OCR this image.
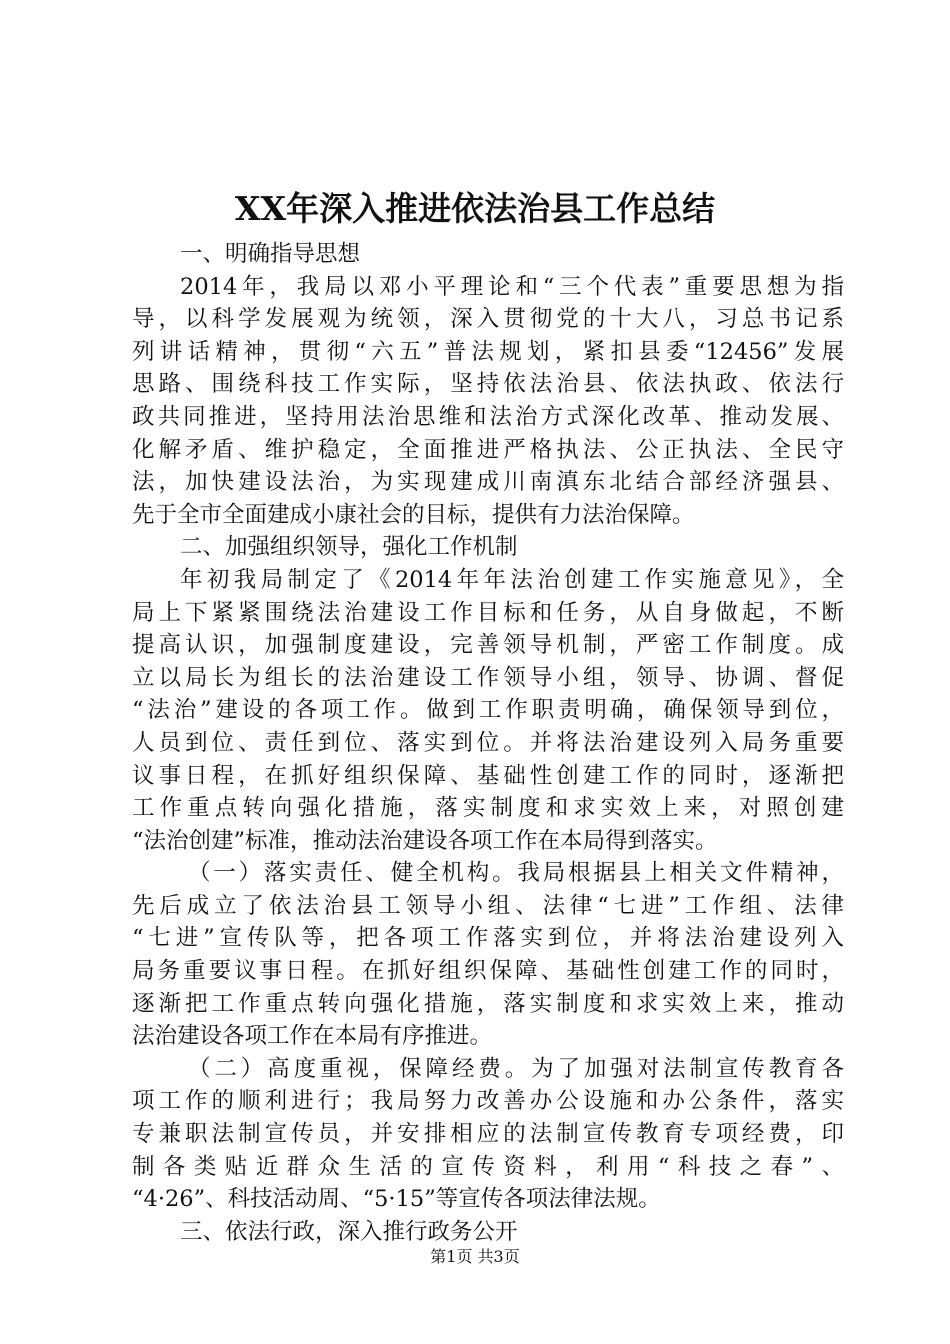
XX年深入推进依法治县工作总结
一、明确指导思想
2014年，我局以邓小平理论和“三个代表”重要思想为指
导，以科学发展观为统领，深入贯彻党的十大八，习总书记系
列讲话精神，贯彻“六五”普法规划，紧扣县委“12456”发展
思路、围绕科技工作实际，坚持依法治县、依法执政、依法行
政共同推进，坚持用法治思维和法治方式深化改革、推动发展、
化解矛盾、维护稳定，全面推进严格执法、公正执法、全民守
法，加快建设法治，为实现建成川南滇东北结合部经济强县、
先于全市全面建成小康社会的目标，提供有力法治保障。
二、加强组织领导，强化工作机制
年初我局制定了《2014年年法治创建工作实施意见》，全
局上下紧紧围绕法治建设工作目标和任务，从自身做起，不断
提高认识，加强制度建设，完善领导机制，严密工作制度。成
立以局长为组长的法治建设工作领导小组，领导、协调、督促
“法治”建设的各项工作。做到工作职责明确，确保领导到位，
人员到位、责任到位、落实到位。并将法治建设列入局务重要
议事日程，在抓好组织保障、基础性创建工作的同时，逐渐把
工作重点转向强化措施，落实制度和求实效上来，对照创建
“法治创建”标准，推动法治建设各项工作在本局得到落实。
（一）落实责任、健全机构。我局根据县上相关文件精神，
先后成立了依法治县工领导小组、法律“七进”工作组、法律
“七进”宣传队等，把各项工作落实到位，并将法治建设列入
局务重要议事日程。在抓好组织保障、基础性创建工作的同时，
逐渐把工作重点转向强化措施，落实制度和求实效上来，推动
法治建设各项工作在本局有序推进。
（二）高度重视，保障经费。为了加强对法制宣传教育各
项工作的顺利进行；我局努力改善办公设施和办公条件，落实
专兼职法制宣传员，并安排相应的法制宣传教育专项经费，印
制各类贴近群众生活的宣传资料，利用“科技之春”、
“4·26”、科技活动周、“5·15”等宣传各项法律法规。
三、依法行政，深入推行政务公开
第1页 共3页
